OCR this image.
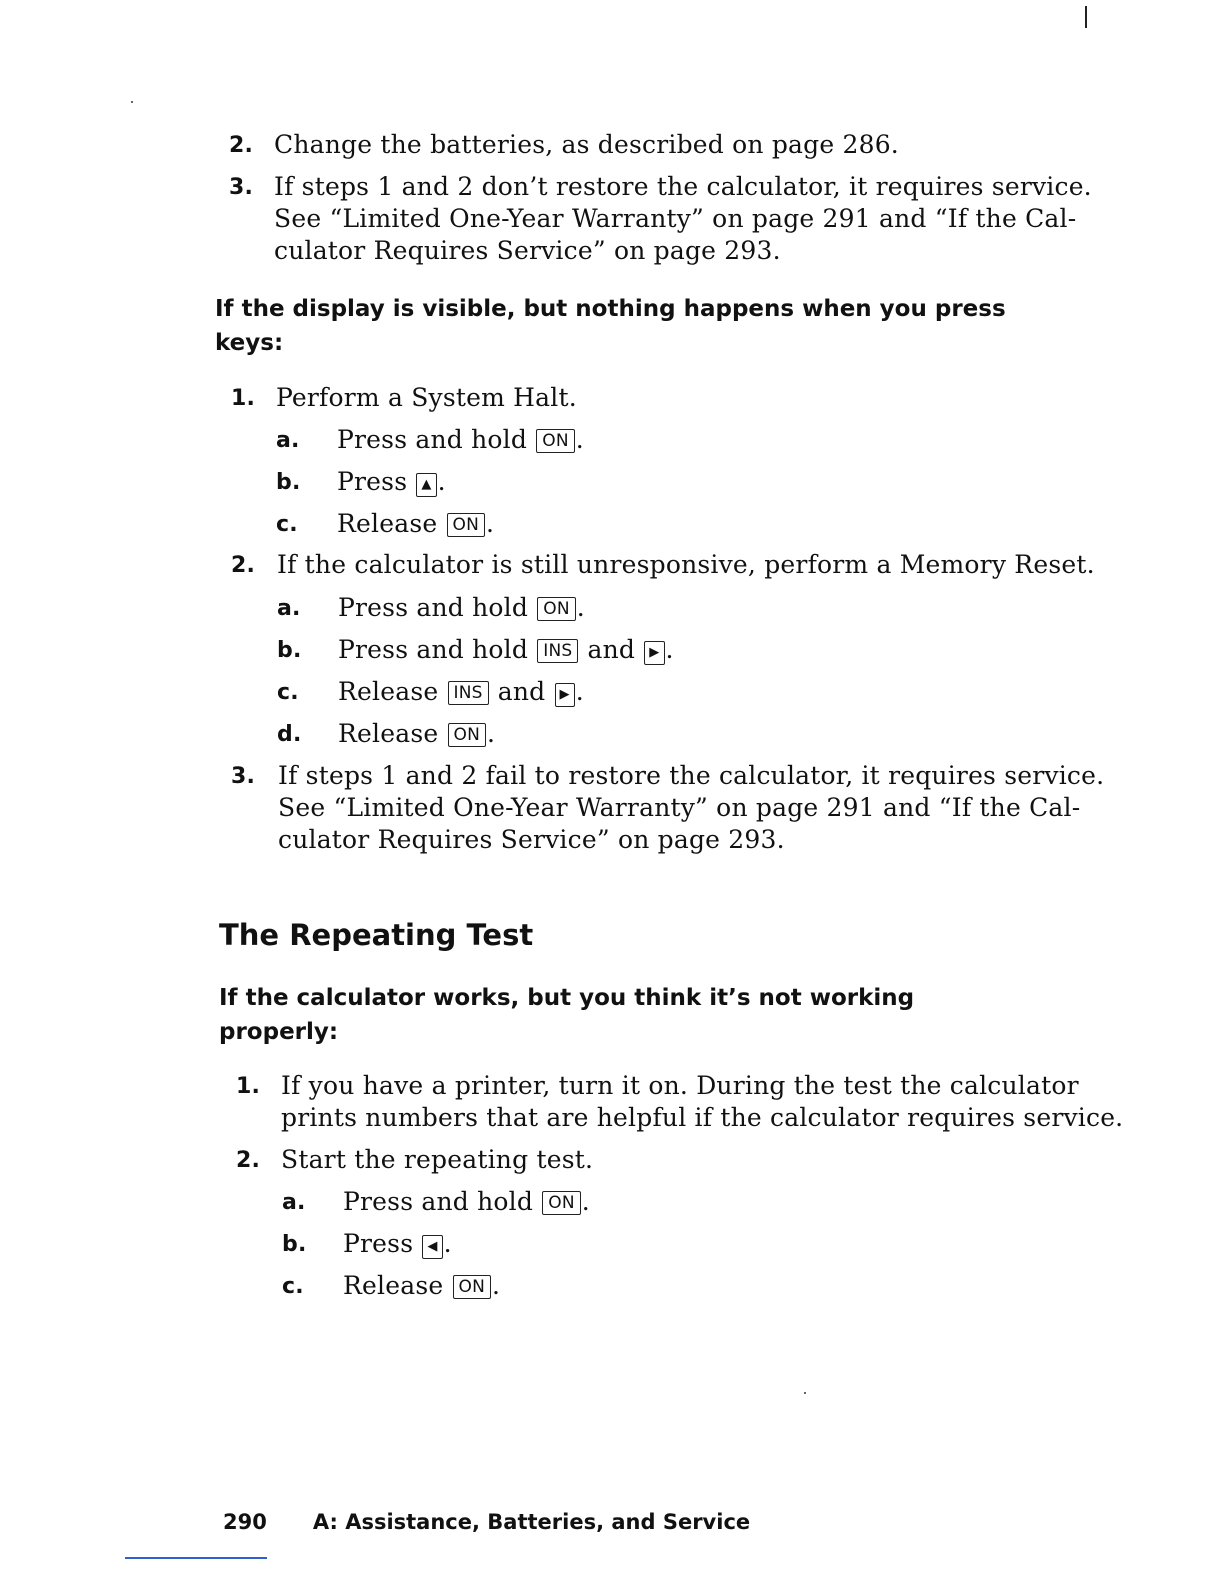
2. Change the batteries, as described on page 286.
3. If steps 1 and 2 don’t restore the calculator, it requires service.
See “Limited One-Year Warranty” on page 291 and “If the Cal-
culator Requires Service” on page 293.
If the display is visible, but nothing happens when you press
keys:
1. Perform a System Halt.
a. Press and hold ON .
b. Press ▲ .
c. Release ON .
2. If the calculator is still unresponsive, perform a Memory Reset.
a. Press and hold ON .
b. Press and hold INS and ▶ .
c. Release INS and ▶ .
d. Release ON .
3. If steps 1 and 2 fail to restore the calculator, it requires service.
See “Limited One-Year Warranty” on page 291 and “If the Cal-
culator Requires Service” on page 293.
The Repeating Test
If the calculator works, but you think it’s not working
properly:
1. If you have a printer, turn it on. During the test the calculator
prints numbers that are helpful if the calculator requires service.
2. Start the repeating test.
a. Press and hold ON .
b. Press ◀ .
c. Release ON .
290 A: Assistance, Batteries, and Service
